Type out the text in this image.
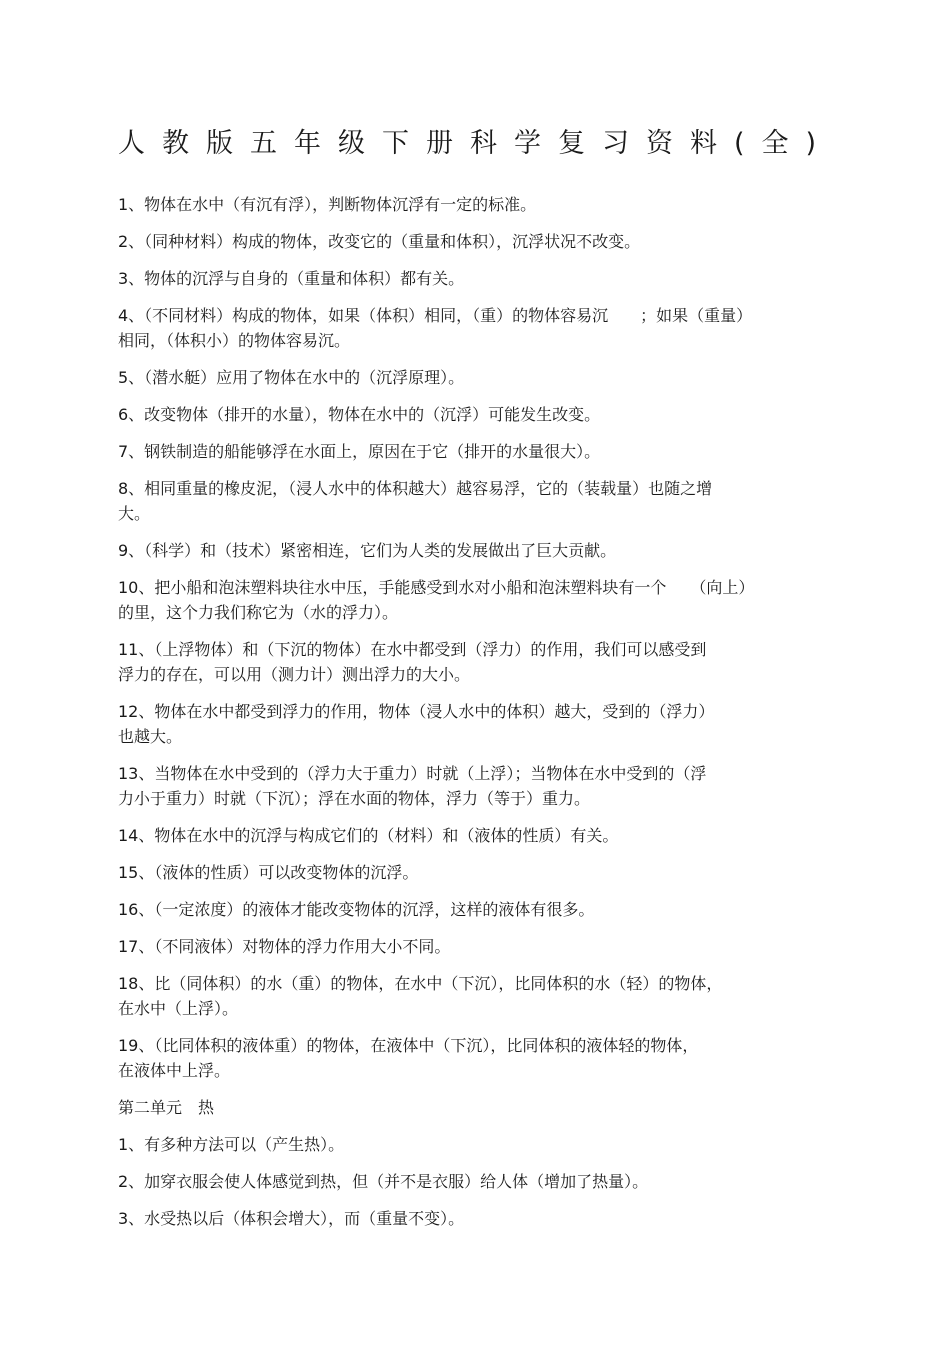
人教版五年级下册科学复习资料(全)
1、物体在水中（有沉有浮），判断物体沉浮有一定的标准。
2、（同种材料）构成的物体，改变它的（重量和体积），沉浮状况不改变。
3、物体的沉浮与自身的（重量和体积）都有关。
4、（不同材料）构成的物体，如果（体积）相同，（重）的物体容易沉　　；如果（重量）
相同，（体积小）的物体容易沉。
5、（潜水艇）应用了物体在水中的（沉浮原理）。
6、改变物体（排开的水量），物体在水中的（沉浮）可能发生改变。
7、钢铁制造的船能够浮在水面上，原因在于它（排开的水量很大）。
8、相同重量的橡皮泥，（浸人水中的体积越大）越容易浮，它的（装载量）也随之增
大。
9、（科学）和（技术）紧密相连，它们为人类的发展做出了巨大贡献。
10、把小船和泡沫塑料块往水中压，手能感受到水对小船和泡沫塑料块有一个　　（向上）
的里，这个力我们称它为（水的浮力）。
11、（上浮物体）和（下沉的物体）在水中都受到（浮力）的作用，我们可以感受到
浮力的存在，可以用（测力计）测出浮力的大小。
12、物体在水中都受到浮力的作用，物体（浸人水中的体积）越大，受到的（浮力）
也越大。
13、当物体在水中受到的（浮力大于重力）时就（上浮）；当物体在水中受到的（浮
力小于重力）时就（下沉）；浮在水面的物体，浮力（等于）重力。
14、物体在水中的沉浮与构成它们的（材料）和（液体的性质）有关。
15、（液体的性质）可以改变物体的沉浮。
16、（一定浓度）的液体才能改变物体的沉浮，这样的液体有很多。
17、（不同液体）对物体的浮力作用大小不同。
18、比（同体积）的水（重）的物体，在水中（下沉），比同体积的水（轻）的物体，
在水中（上浮）。
19、（比同体积的液体重）的物体，在液体中（下沉），比同体积的液体轻的物体，
在液体中上浮。
第二单元　热
1、有多种方法可以（产生热）。
2、加穿衣服会使人体感觉到热，但（并不是衣服）给人体（增加了热量）。
3、水受热以后（体积会增大），而（重量不变）。
